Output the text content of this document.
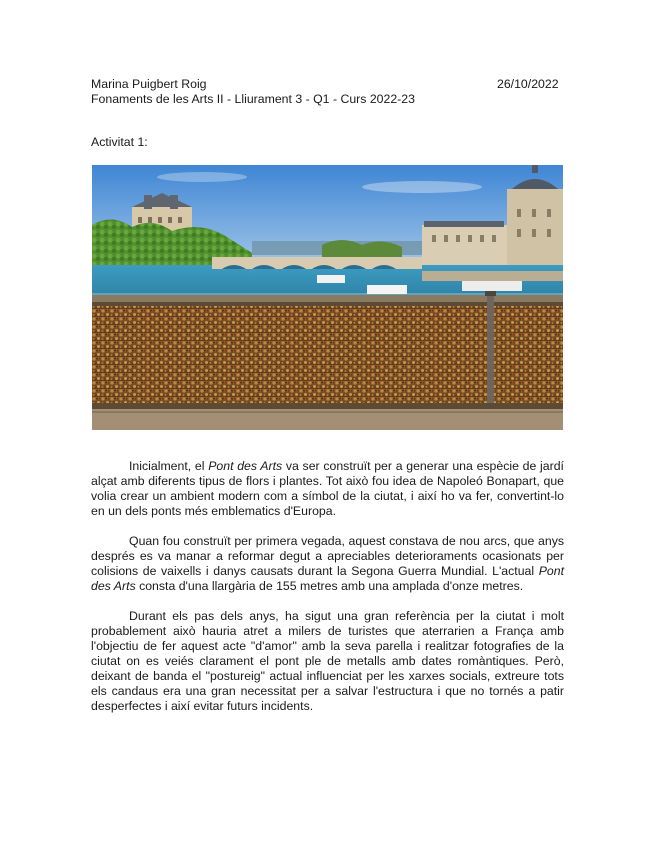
Marina Puigbert Roig	26/10/2022
Fonaments de les Arts II - Lliurament 3 - Q1 - Curs 2022-23
Activitat 1:

Inicialment, el Pont des Arts va ser construït per a generar una espècie de jardí alçat amb diferents tipus de flors i plantes. Tot això fou idea de Napoleó Bonapart, que volia crear un ambient modern com a símbol de la ciutat, i així ho va fer, convertint-lo en un dels ponts més emblematics d'Europa.

Quan fou construït per primera vegada, aquest constava de nou arcs, que anys després es va manar a reformar degut a apreciables deterioraments ocasionats per colisions de vaixells i danys causats durant la Segona Guerra Mundial. L'actual Pont des Arts consta d'una llargària de 155 metres amb una amplada d'onze metres.

Durant els pas dels anys, ha sigut una gran referència per la ciutat i molt probablement això hauria atret a milers de turistes que aterrarien a França amb l'objectiu de fer aquest acte "d'amor" amb la seva parella i realitzar fotografies de la ciutat on es veiés clarament el pont ple de metalls amb dates romàntiques. Però, deixant de banda el "postureig" actual influenciat per les xarxes socials, extreure tots els candaus era una gran necessitat per a salvar l'estructura i que no tornés a patir desperfectes i així evitar futurs incidents.
